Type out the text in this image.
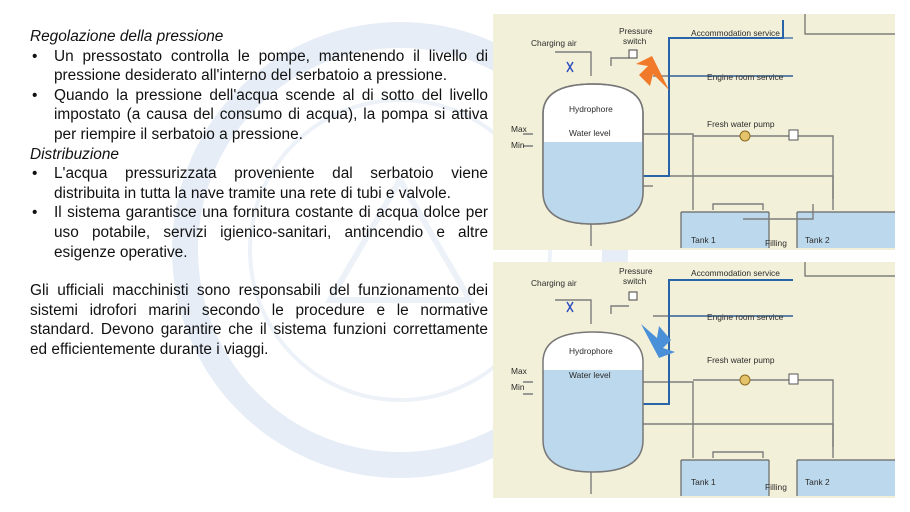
Regolazione della pressione

• Un pressostato controlla le pompe, mantenendo il livello di pressione desiderato all'interno del serbatoio a pressione.
• Quando la pressione dell'acqua scende al di sotto del livello impostato (a causa del consumo di acqua), la pompa si attiva per riempire il serbatoio a pressione.

Distribuzione

• L'acqua pressurizzata proveniente dal serbatoio viene distribuita in tutta la nave tramite una rete di tubi e valvole.
• Il sistema garantisce una fornitura costante di acqua dolce per uso potabile, servizi igienico-sanitari, antincendio e altre esigenze operative.

Gli ufficiali macchinisti sono responsabili del funzionamento dei sistemi idrofori marini secondo le procedure e le normative standard. Devono garantire che il sistema funzioni correttamente ed efficientemente durante i viaggi.

Tank 1	Tank 2
Filling
Hydrophore
Water level
Max
Min
Charging air
Pressure
switch
Accommodation service
Engine room service
Fresh water pump
Tank 1	Tank 2
Filling
Hydrophore
Water level
Max
Min
Charging air
Pressure
switch
Accommodation service
Engine room service
Fresh water pump
